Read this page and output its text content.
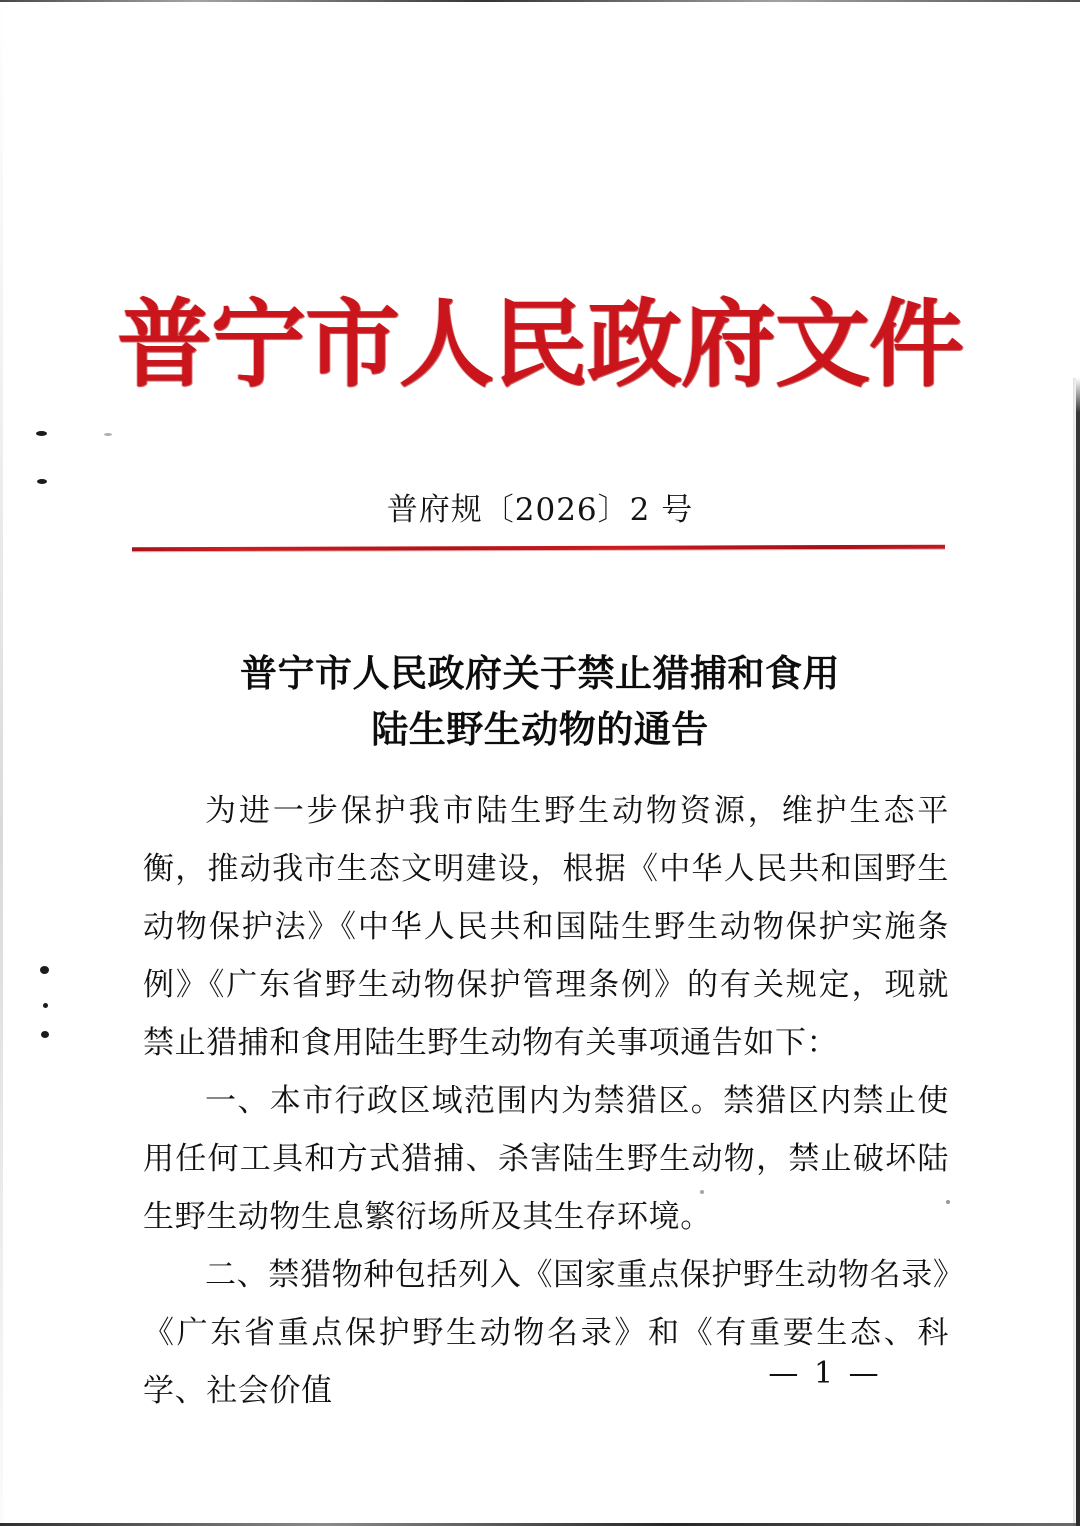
普宁市人民政府文件
普府规〔2026〕2 号
普宁市人民政府关于禁止猎捕和食用
陆生野生动物的通告

为进一步保护我市陆生野生动物资源，维护生态平衡，推动我市生态文明建设，根据《中华人民共和国野生动物保护法》《中华人民共和国陆生野生动物保护实施条例》《广东省野生动物保护管理条例》的有关规定，现就禁止猎捕和食用陆生野生动物有关事项通告如下：

一、本市行政区域范围内为禁猎区。禁猎区内禁止使用任何工具和方式猎捕、杀害陆生野生动物，禁止破坏陆生野生动物生息繁衍场所及其生存环境。

二、禁猎物种包括列入《国家重点保护野生动物名录》《广东省重点保护野生动物名录》和《有重要生态、科学、社会价值	— 1 —
